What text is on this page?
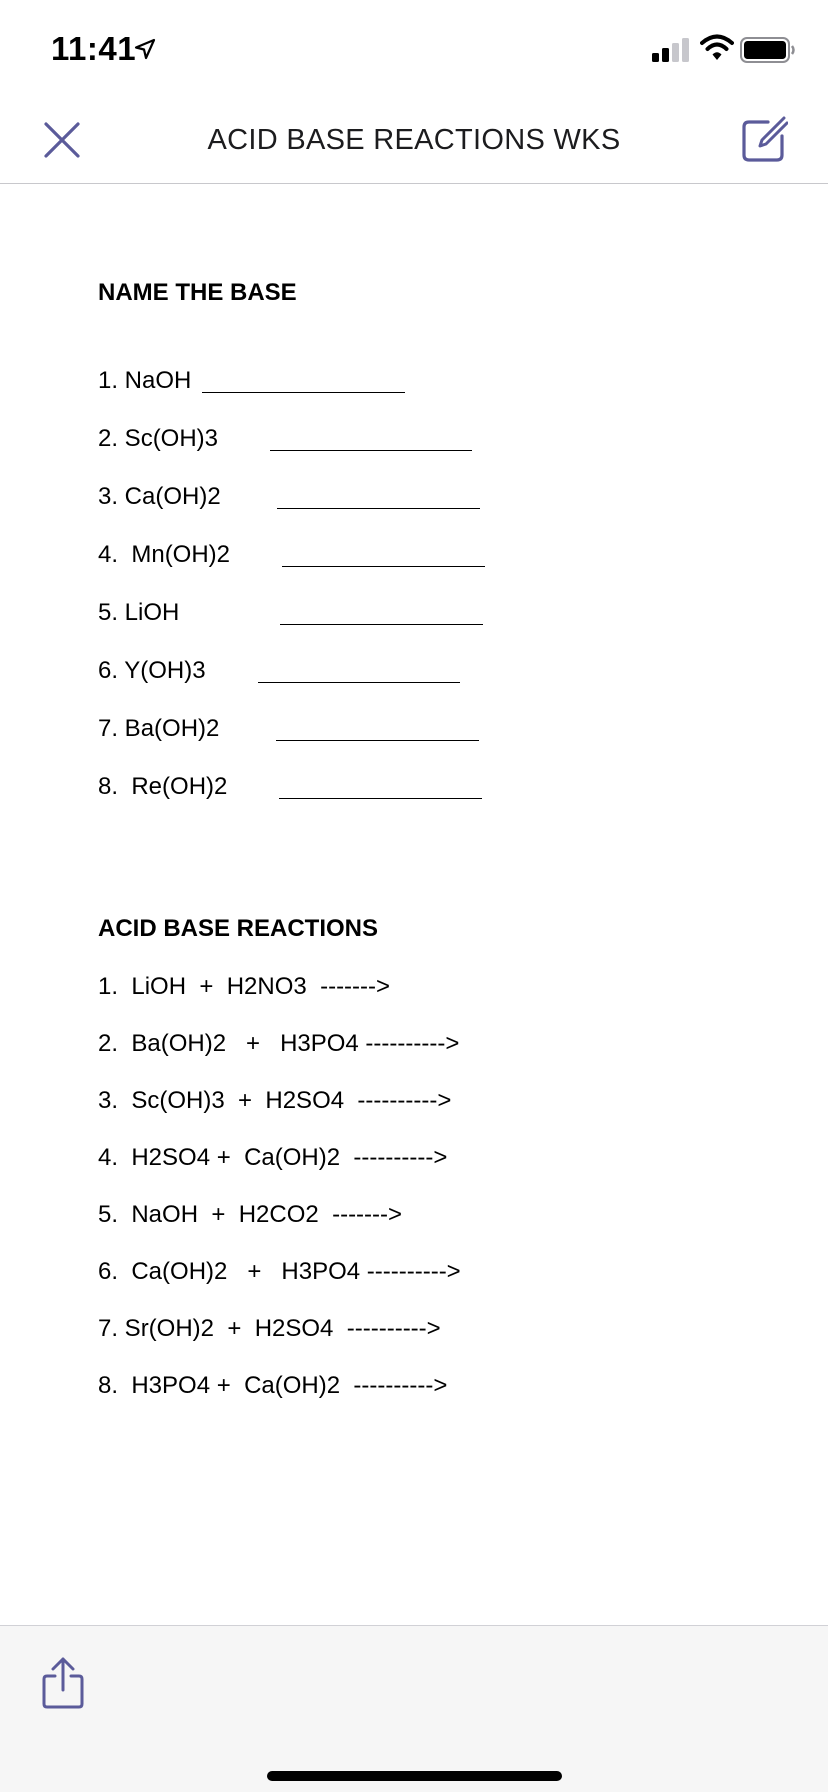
11:41
ACID BASE REACTIONS WKS
NAME THE BASE
1. NaOH
2. Sc(OH)3
3. Ca(OH)2
4.  Mn(OH)2
5. LiOH
6. Y(OH)3
7. Ba(OH)2
8.  Re(OH)2
ACID BASE REACTIONS
1.  LiOH  +  H2NO3  ------->
2.  Ba(OH)2   +   H3PO4 ---------->
3.  Sc(OH)3  +  H2SO4  ---------->
4.  H2SO4 +  Ca(OH)2  ---------->
5.  NaOH  +  H2CO2  ------->
6.  Ca(OH)2   +   H3PO4 ---------->
7. Sr(OH)2  +  H2SO4  ---------->
8.  H3PO4 +  Ca(OH)2  ---------->
